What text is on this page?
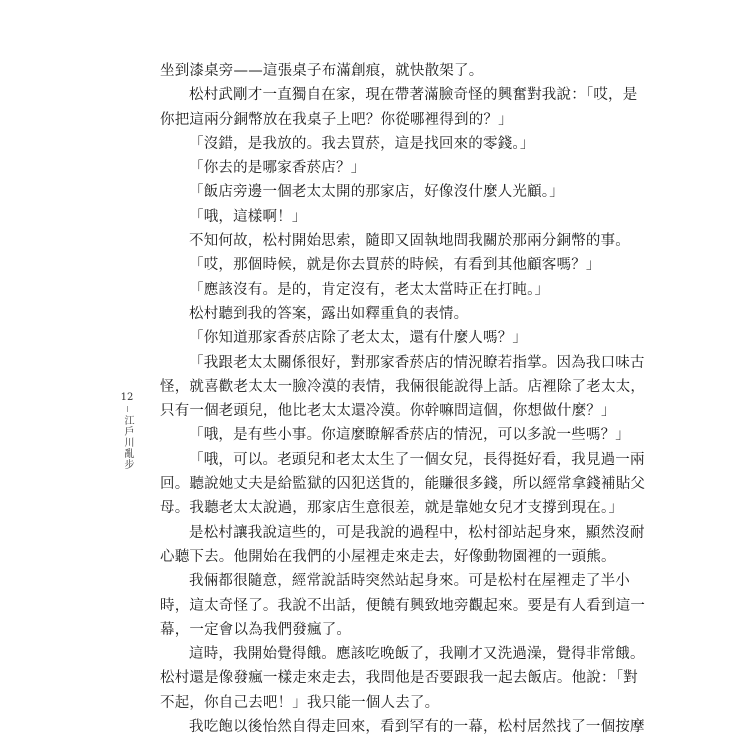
12
江戶川亂步
坐到漆桌旁——這張桌子布滿創痕，就快散架了。
松村武剛才一直獨自在家，現在帶著滿臉奇怪的興奮對我說：「哎，是
你把這兩分銅幣放在我桌子上吧？你從哪裡得到的？」
「沒錯，是我放的。我去買菸，這是找回來的零錢。」
「你去的是哪家香菸店？」
「飯店旁邊一個老太太開的那家店，好像沒什麼人光顧。」
「哦，這樣啊！」
不知何故，松村開始思索，隨即又固執地問我關於那兩分銅幣的事。
「哎，那個時候，就是你去買菸的時候，有看到其他顧客嗎？」
「應該沒有。是的，肯定沒有，老太太當時正在打盹。」
松村聽到我的答案，露出如釋重負的表情。
「你知道那家香菸店除了老太太，還有什麼人嗎？」
「我跟老太太關係很好，對那家香菸店的情況瞭若指掌。因為我口味古
怪，就喜歡老太太一臉冷漠的表情，我倆很能說得上話。店裡除了老太太，
只有一個老頭兒，他比老太太還冷漠。你幹嘛問這個，你想做什麼？」
「哦，是有些小事。你這麼瞭解香菸店的情況，可以多說一些嗎？」
「哦，可以。老頭兒和老太太生了一個女兒，長得挺好看，我見過一兩
回。聽說她丈夫是給監獄的囚犯送貨的，能賺很多錢，所以經常拿錢補貼父
母。我聽老太太說過，那家店生意很差，就是靠她女兒才支撐到現在。」
是松村讓我說這些的，可是我說的過程中，松村卻站起身來，顯然沒耐
心聽下去。他開始在我們的小屋裡走來走去，好像動物園裡的一頭熊。
我倆都很隨意，經常說話時突然站起身來。可是松村在屋裡走了半小
時，這太奇怪了。我說不出話，便饒有興致地旁觀起來。要是有人看到這一
幕，一定會以為我們發瘋了。
這時，我開始覺得餓。應該吃晚飯了，我剛才又洗過澡，覺得非常餓。
松村還是像發瘋一樣走來走去，我問他是否要跟我一起去飯店。他說：「對
不起，你自己去吧！」我只能一個人去了。
我吃飽以後怡然自得走回來，看到罕有的一幕，松村居然找了一個按摩
